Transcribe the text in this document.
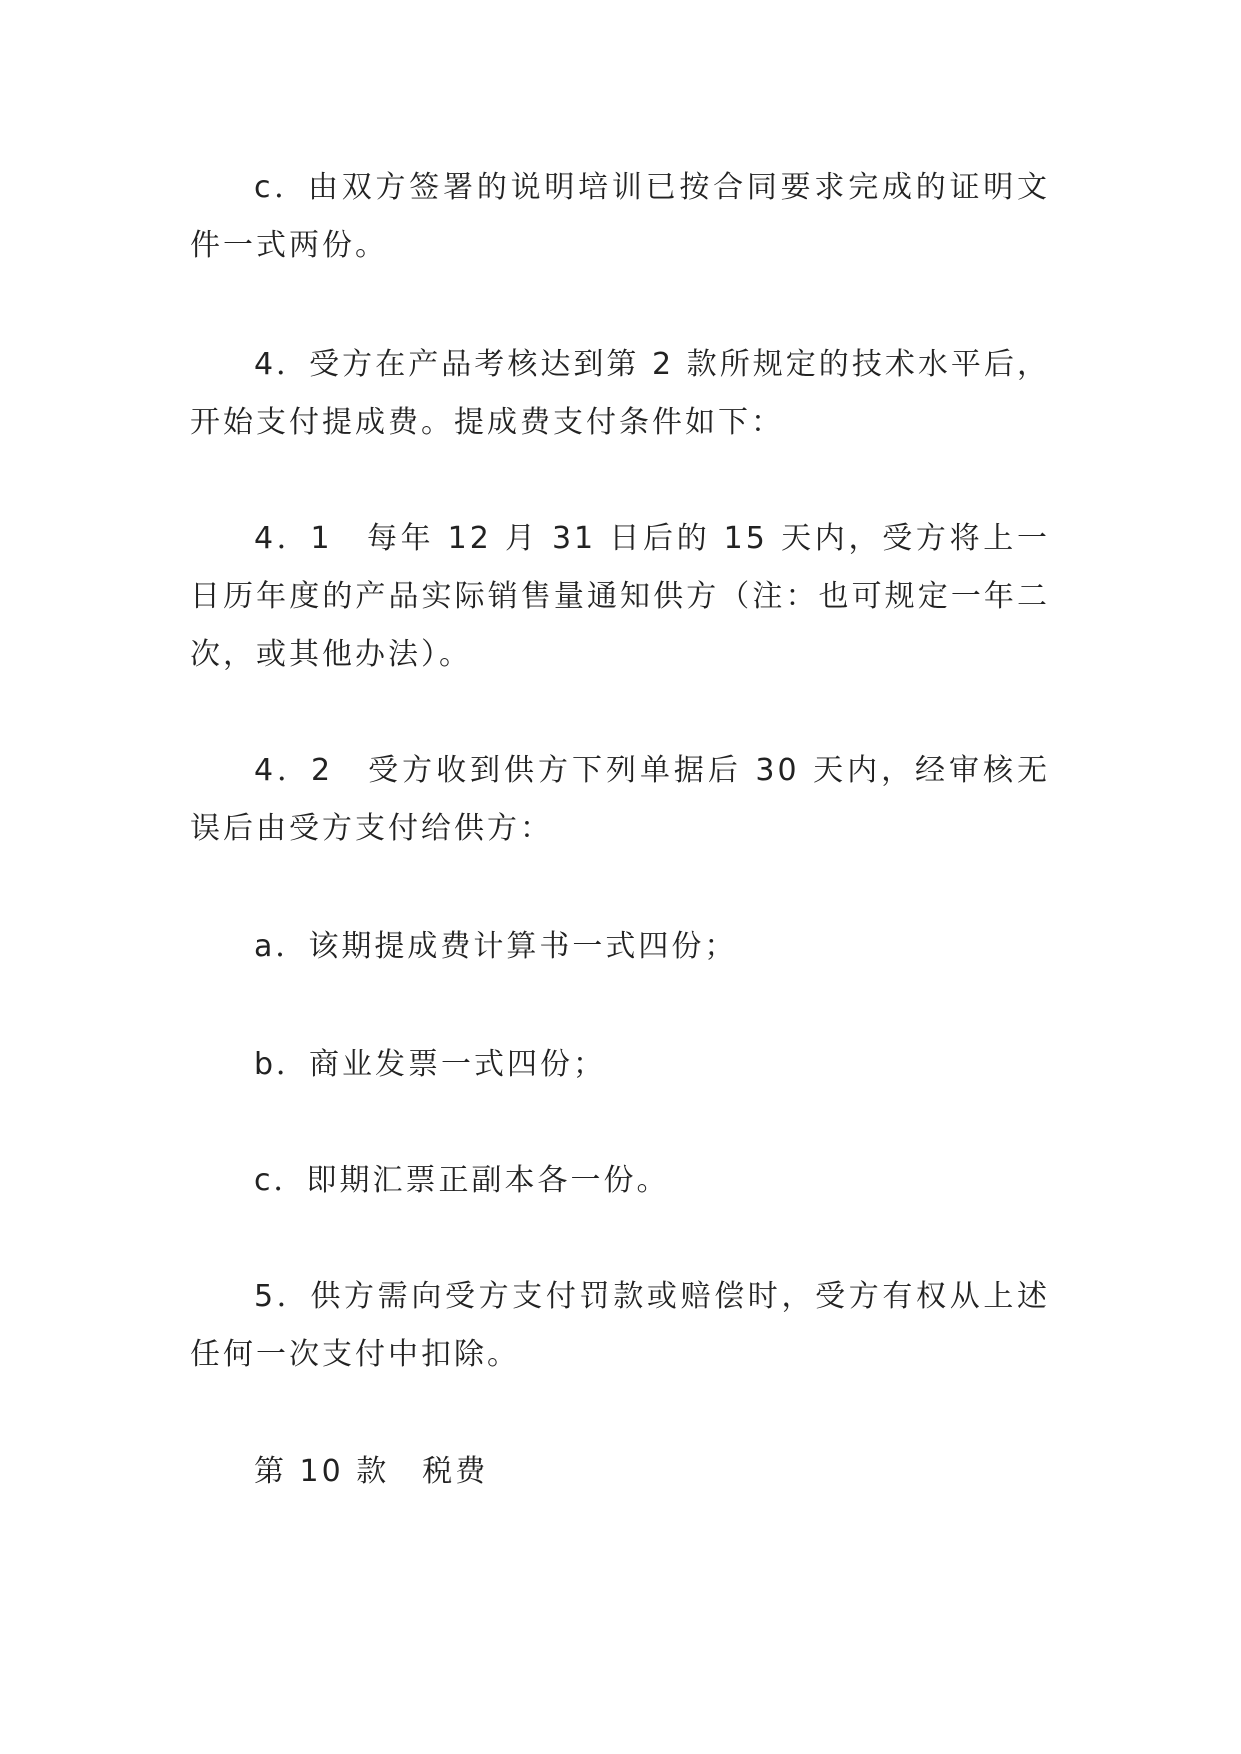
c．由双方签署的说明培训已按合同要求完成的证明文件一式两份。

4．受方在产品考核达到第 2 款所规定的技术水平后，开始支付提成费。提成费支付条件如下：

4．1　每年 12 月 31 日后的 15 天内，受方将上一日历年度的产品实际销售量通知供方（注：也可规定一年二次，或其他办法）。

4．2　受方收到供方下列单据后 30 天内，经审核无误后由受方支付给供方：

a．该期提成费计算书一式四份；

b．商业发票一式四份；

c．即期汇票正副本各一份。

5．供方需向受方支付罚款或赔偿时，受方有权从上述任何一次支付中扣除。

第 10 款　税费
